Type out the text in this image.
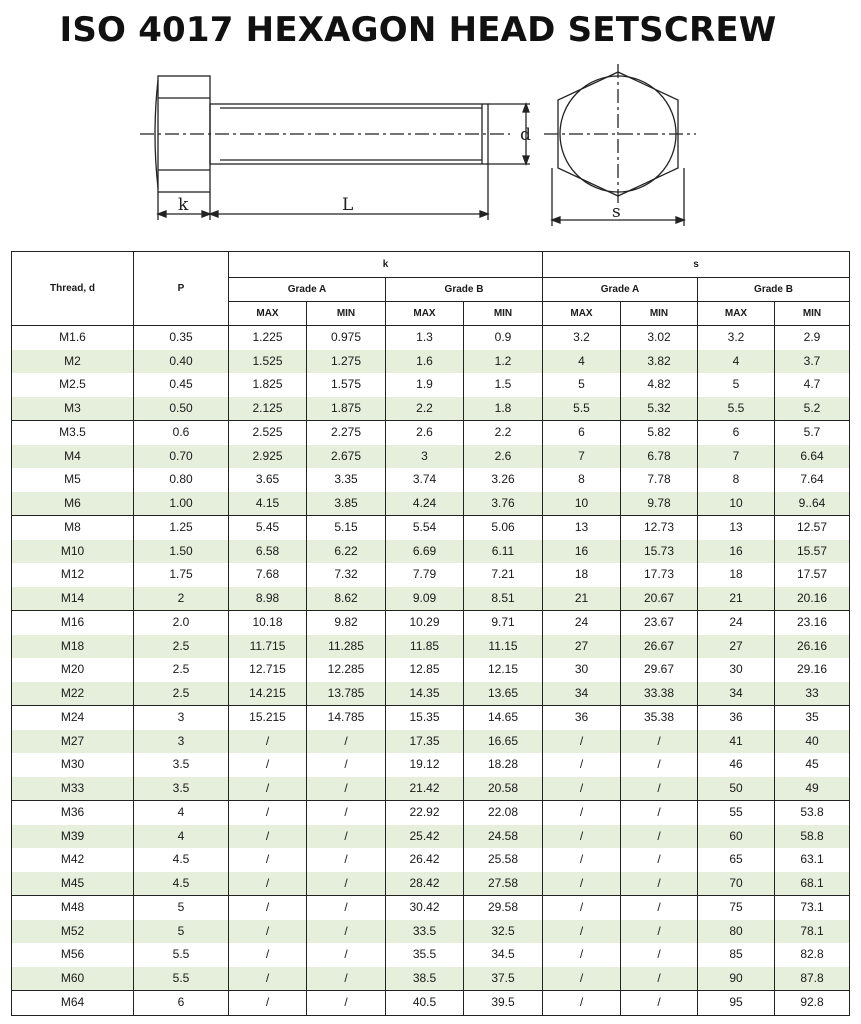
ISO 4017 HEXAGON HEAD SETSCREW
d
k	L	s
Thread, d	P	k				s			
		Grade A		Grade B		Grade A		Grade B	
		MAX	MIN	MAX	MIN	MAX	MIN	MAX	MIN
M1.6	0.35	1.225	0.975	1.3	0.9	3.2	3.02	3.2	2.9
M2	0.40	1.525	1.275	1.6	1.2	4	3.82	4	3.7
M2.5	0.45	1.825	1.575	1.9	1.5	5	4.82	5	4.7
M3	0.50	2.125	1.875	2.2	1.8	5.5	5.32	5.5	5.2
M3.5	0.6	2.525	2.275	2.6	2.2	6	5.82	6	5.7
M4	0.70	2.925	2.675	3	2.6	7	6.78	7	6.64
M5	0.80	3.65	3.35	3.74	3.26	8	7.78	8	7.64
M6	1.00	4.15	3.85	4.24	3.76	10	9.78	10	9..64
M8	1.25	5.45	5.15	5.54	5.06	13	12.73	13	12.57
M10	1.50	6.58	6.22	6.69	6.11	16	15.73	16	15.57
M12	1.75	7.68	7.32	7.79	7.21	18	17.73	18	17.57
M14	2	8.98	8.62	9.09	8.51	21	20.67	21	20.16
M16	2.0	10.18	9.82	10.29	9.71	24	23.67	24	23.16
M18	2.5	11.715	11.285	11.85	11.15	27	26.67	27	26.16
M20	2.5	12.715	12.285	12.85	12.15	30	29.67	30	29.16
M22	2.5	14.215	13.785	14.35	13.65	34	33.38	34	33
M24	3	15.215	14.785	15.35	14.65	36	35.38	36	35
M27	3	/	/	17.35	16.65	/	/	41	40
M30	3.5	/	/	19.12	18.28	/	/	46	45
M33	3.5	/	/	21.42	20.58	/	/	50	49
M36	4	/	/	22.92	22.08	/	/	55	53.8
M39	4	/	/	25.42	24.58	/	/	60	58.8
M42	4.5	/	/	26.42	25.58	/	/	65	63.1
M45	4.5	/	/	28.42	27.58	/	/	70	68.1
M48	5	/	/	30.42	29.58	/	/	75	73.1
M52	5	/	/	33.5	32.5	/	/	80	78.1
M56	5.5	/	/	35.5	34.5	/	/	85	82.8
M60	5.5	/	/	38.5	37.5	/	/	90	87.8
M64	6	/	/	40.5	39.5	/	/	95	92.8
